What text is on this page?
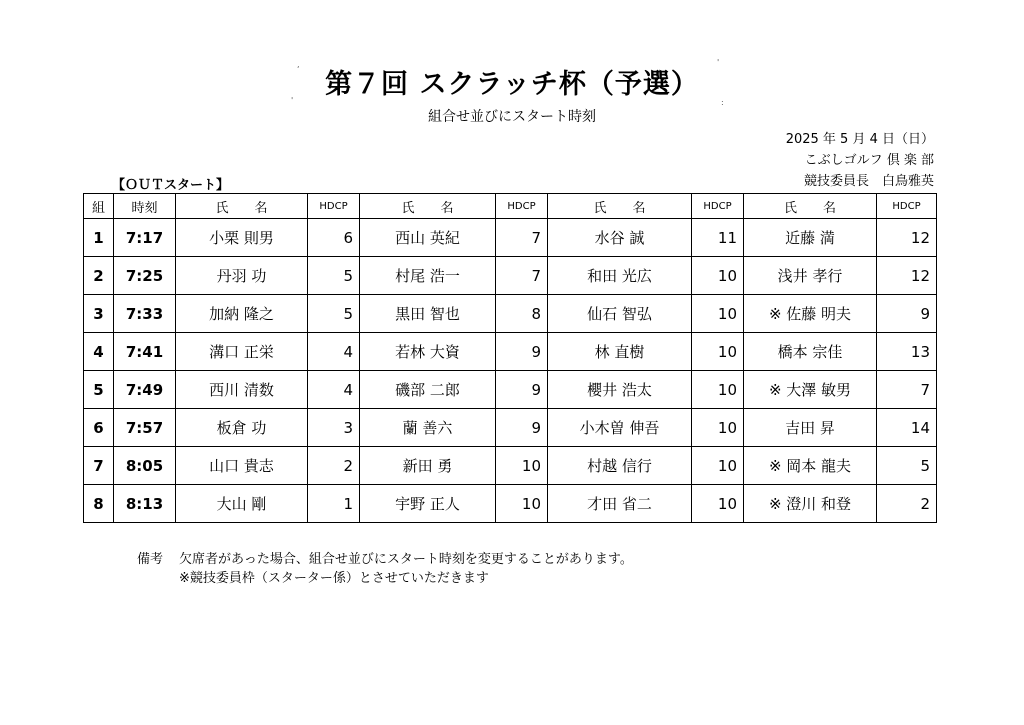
,	'
'	:
第７回 スクラッチ杯（予選）
組合せ並びにスタート時刻
2025 年 5 月 4 日（日）
こぶしゴルフ 倶 楽 部
競技委員長　白鳥雅英
【ＯＵＴスタート】
組	時刻	氏　　名	HDCP	氏　　名	HDCP	氏　　名	HDCP	氏　　名	HDCP
1	7:17	小栗 則男	6	西山 英紀	7	水谷 誠	11	近藤 満	12
2	7:25	丹羽 功	5	村尾 浩一	7	和田 光広	10	浅井 孝行	12
3	7:33	加納 隆之	5	黒田 智也	8	仙石 智弘	10	※ 佐藤 明夫	9
4	7:41	溝口 正栄	4	若林 大資	9	林 直樹	10	橋本 宗佳	13
5	7:49	西川 清数	4	磯部 二郎	9	櫻井 浩太	10	※ 大澤 敏男	7
6	7:57	板倉 功	3	蘭 善六	9	小木曽 伸吾	10	吉田 昇	14
7	8:05	山口 貴志	2	新田 勇	10	村越 信行	10	※ 岡本 龍夫	5
8	8:13	大山 剛	1	宇野 正人	10	才田 省二	10	※ 澄川 和登	2
備考 欠席者があった場合、組合せ並びにスタート時刻を変更することがあります。
※競技委員枠（スターター係）とさせていただきます
